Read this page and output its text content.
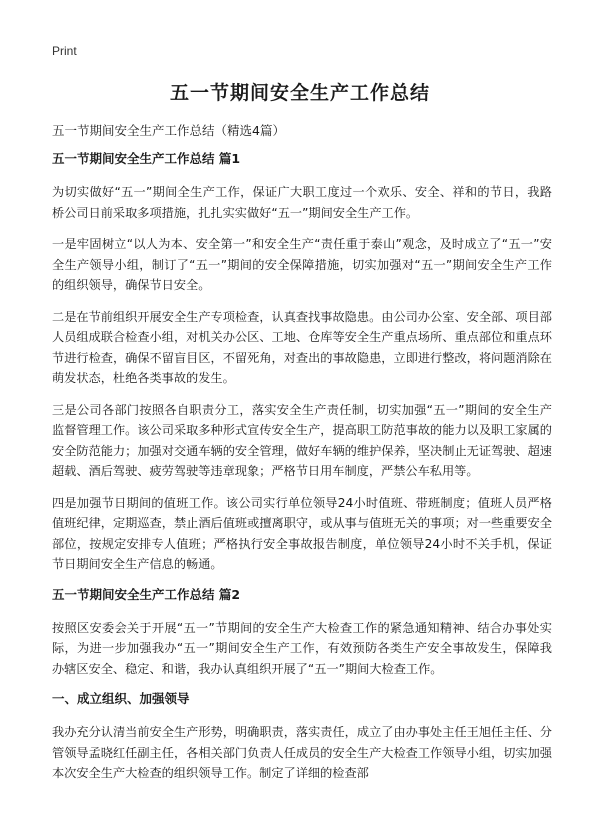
Print
五一节期间安全生产工作总结
五一节期间安全生产工作总结（精选4篇）
五一节期间安全生产工作总结 篇1

为切实做好“五一”期间全生产工作，保证广大职工度过一个欢乐、安全、祥和的节日，我路桥公司日前采取多项措施，扎扎实实做好“五一”期间安全生产工作。

一是牢固树立“以人为本、安全第一”和安全生产“责任重于泰山”观念，及时成立了“五一”安全生产领导小组，制订了“五一”期间的安全保障措施，切实加强对“五一”期间安全生产工作的组织领导，确保节日安全。

二是在节前组织开展安全生产专项检查，认真查找事故隐患。由公司办公室、安全部、项目部人员组成联合检查小组，对机关办公区、工地、仓库等安全生产重点场所、重点部位和重点环节进行检查，确保不留盲目区，不留死角，对查出的事故隐患，立即进行整改，将问题消除在萌发状态，杜绝各类事故的发生。

三是公司各部门按照各自职责分工，落实安全生产责任制，切实加强“五一”期间的安全生产监督管理工作。该公司采取多种形式宣传安全生产，提高职工防范事故的能力以及职工家属的安全防范能力；加强对交通车辆的安全管理，做好车辆的维护保养，坚决制止无证驾驶、超速超载、酒后驾驶、疲劳驾驶等违章现象；严格节日用车制度，严禁公车私用等。

四是加强节日期间的值班工作。该公司实行单位领导24小时值班、带班制度；值班人员严格值班纪律，定期巡查，禁止酒后值班或擅离职守，或从事与值班无关的事项；对一些重要安全部位，按规定安排专人值班；严格执行安全事故报告制度，单位领导24小时不关手机，保证节日期间安全生产信息的畅通。

五一节期间安全生产工作总结 篇2

按照区安委会关于开展“五一”节期间的安全生产大检查工作的紧急通知精神、结合办事处实际，为进一步加强我办“五一”期间安全生产工作，有效预防各类生产安全事故发生，保障我办辖区安全、稳定、和谐，我办认真组织开展了“五一”期间大检查工作。

一、成立组织、加强领导

我办充分认清当前安全生产形势，明确职责，落实责任，成立了由办事处主任王旭任主任、分管领导孟晓红任副主任，各相关部门负责人任成员的安全生产大检查工作领导小组，切实加强本次安全生产大检查的组织领导工作。制定了详细的检查部
